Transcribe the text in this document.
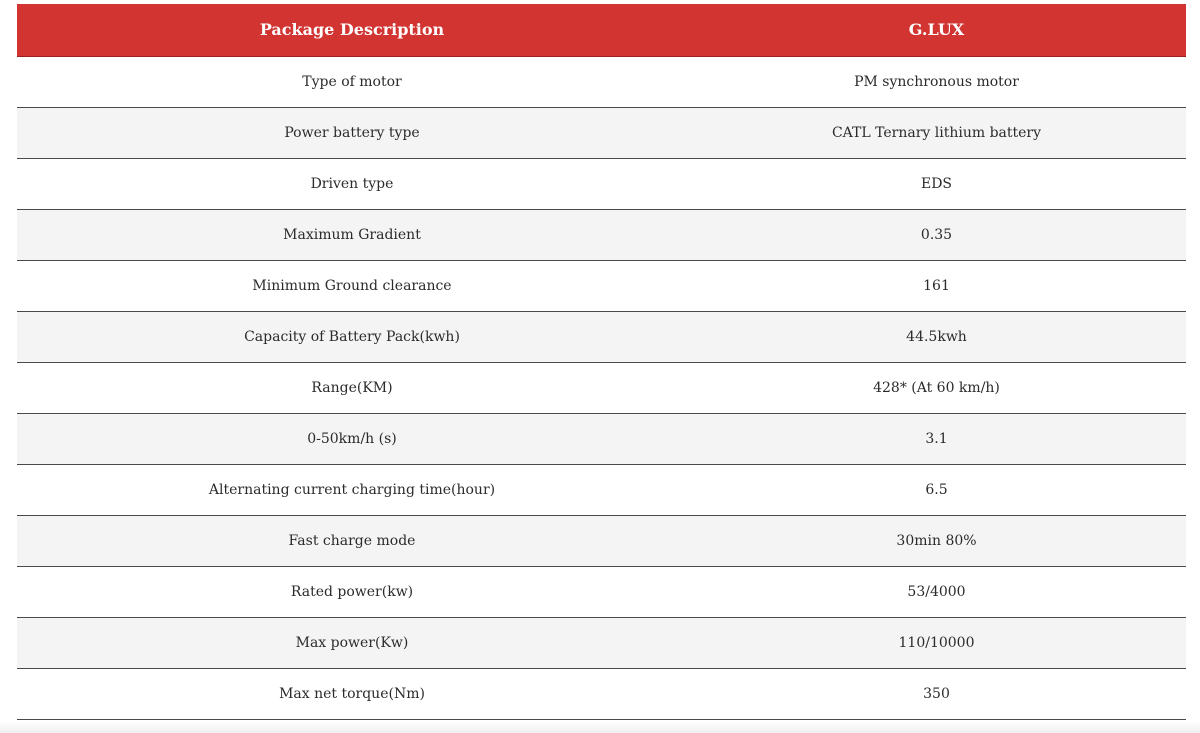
Package Description	G.LUX
Type of motor	PM synchronous motor
Power battery type	CATL Ternary lithium battery
Driven type	EDS
Maximum Gradient	0.35
Minimum Ground clearance	161
Capacity of Battery Pack(kwh)	44.5kwh
Range(KM)	428* (At 60 km/h)
0-50km/h (s)	3.1
Alternating current charging time(hour)	6.5
Fast charge mode	30min 80%
Rated power(kw)	53/4000
Max power(Kw)	110/10000
Max net torque(Nm)	350
